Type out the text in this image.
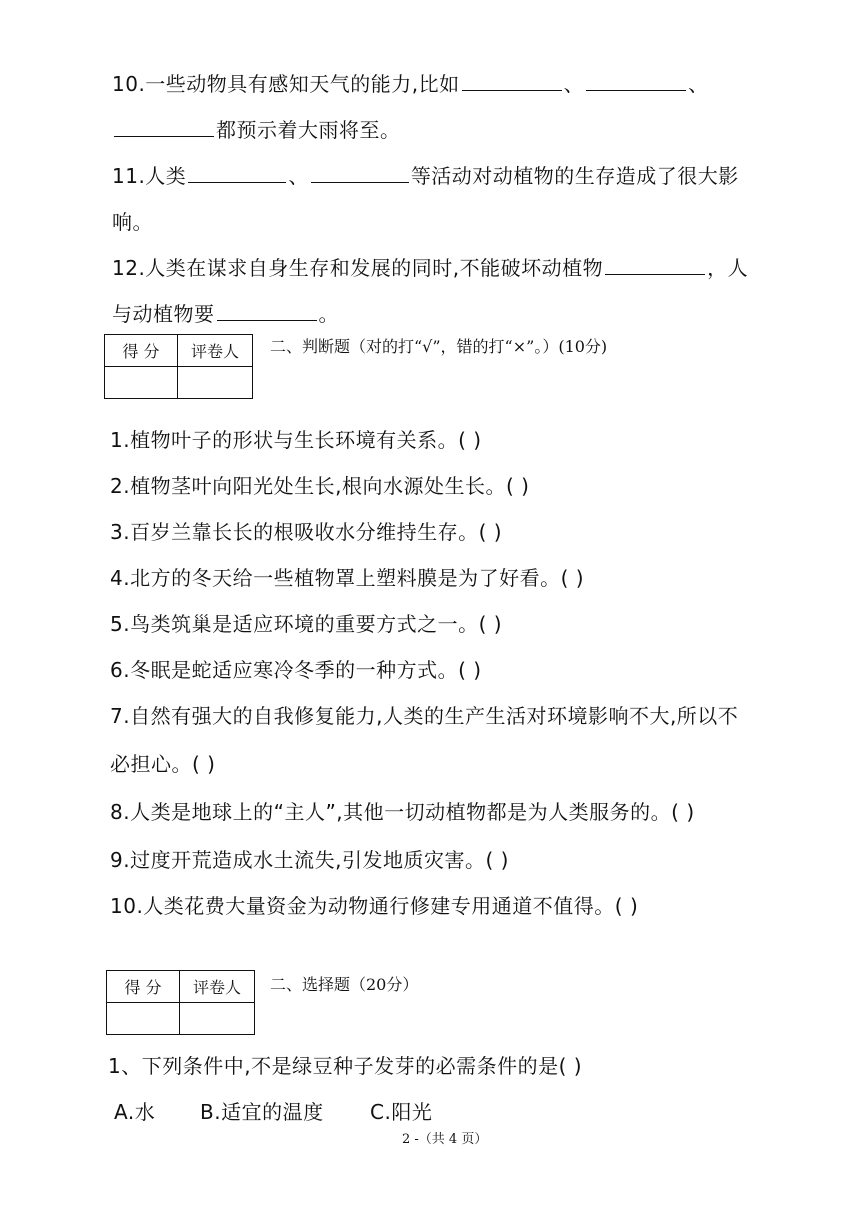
10.一些动物具有感知天气的能力,比如	、	、
都预示着大雨将至。
11.人类	、	等活动对动植物的生存造成了很大影
响。
12.人类在谋求自身生存和发展的同时,不能破坏动植物	，人
与动植物要	。
得 分	评卷人
	二、判断题（对的打“√”，错的打“×”。）(10分)
1.植物叶子的形状与生长环境有关系。( )
2.植物茎叶向阳光处生长,根向水源处生长。( )
3.百岁兰靠长长的根吸收水分维持生存。( )
4.北方的冬天给一些植物罩上塑料膜是为了好看。( )
5.鸟类筑巢是适应环境的重要方式之一。( )
6.冬眠是蛇适应寒冷冬季的一种方式。( )
7.自然有强大的自我修复能力,人类的生产生活对环境影响不大,所以不
必担心。( )
8.人类是地球上的“主人”,其他一切动植物都是为人类服务的。( )
9.过度开荒造成水土流失,引发地质灾害。( )
10.人类花费大量资金为动物通行修建专用通道不值得。( )
得 分	评卷人
	二、选择题（20分）
1、下列条件中,不是绿豆种子发芽的必需条件的是( )
A.水 B.适宜的温度 C.阳光
2 -（共 4 页）
